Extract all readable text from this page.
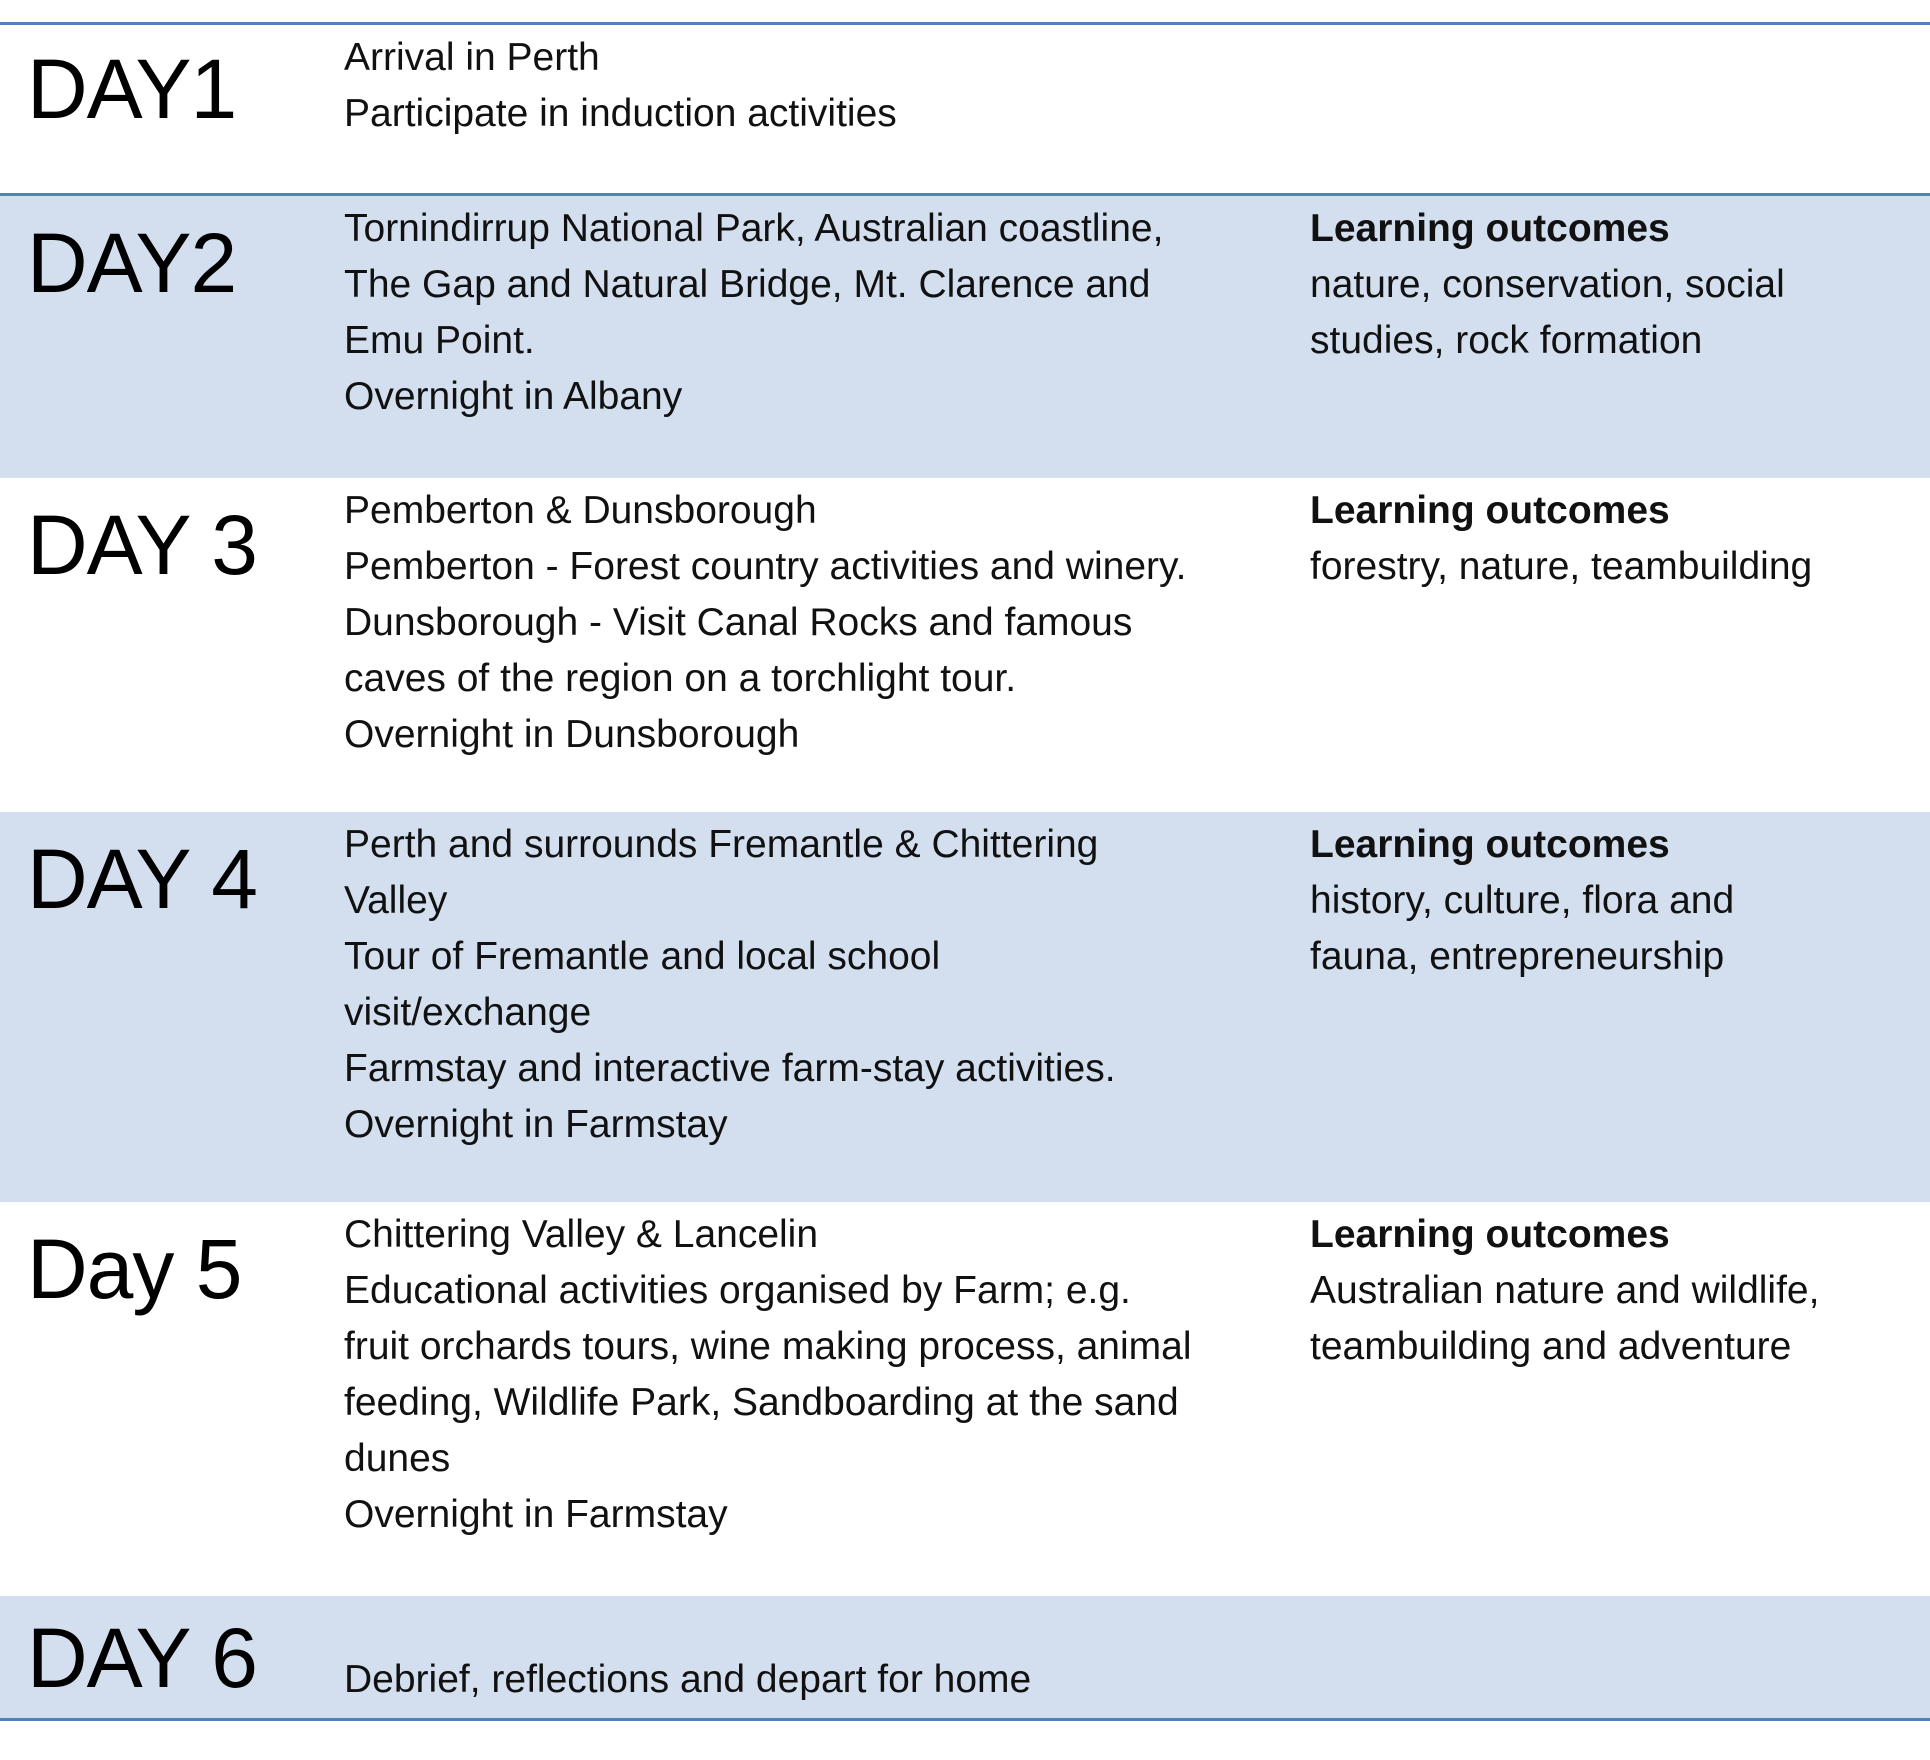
DAY1	Arrival in Perth
Participate in induction activities
DAY2	Tornindirrup National Park, Australian coastline,
The Gap and Natural Bridge, Mt. Clarence and
Emu Point.
Overnight in Albany
Learning outcomes
nature, conservation, social
studies, rock formation
DAY 3 Pemberton & Dunsborough
Pemberton - Forest country activities and winery.
Dunsborough - Visit Canal Rocks and famous
caves of the region on a torchlight tour.
Overnight in Dunsborough
Learning outcomes
forestry, nature, teambuilding
DAY 4 Perth and surrounds Fremantle & Chittering
Valley
Tour of Fremantle and local school
visit/exchange
Farmstay and interactive farm-stay activities.
Overnight in Farmstay
Learning outcomes
history, culture, flora and
fauna, entrepreneurship
Day 5	Chittering Valley & Lancelin
Educational activities organised by Farm; e.g.
fruit orchards tours, wine making process, animal
feeding, Wildlife Park, Sandboarding at the sand
dunes
Overnight in Farmstay
Learning outcomes
Australian nature and wildlife,
teambuilding and adventure
DAY 6 Debrief, reflections and depart for home
